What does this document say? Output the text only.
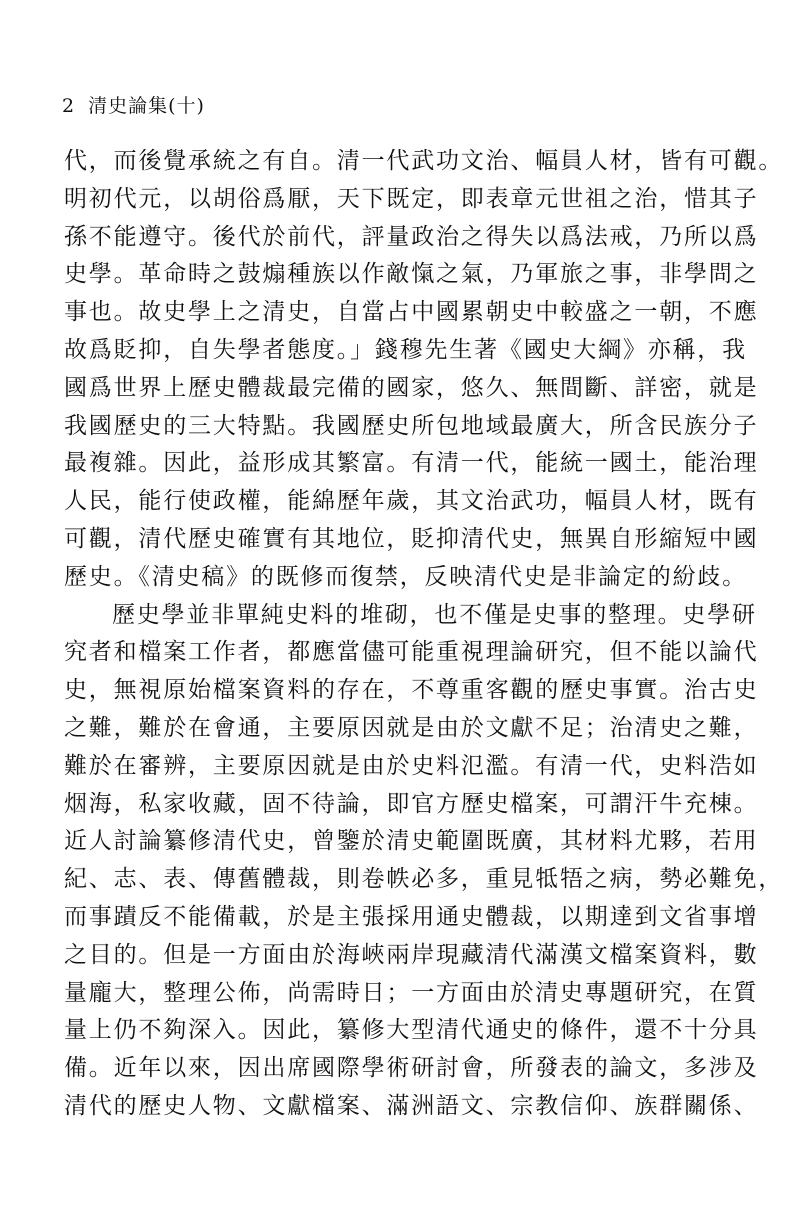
2 清史論集(⼗)
代，而後覺承統之有自。清一代武功文治、幅員人材，皆有可觀。
明初代元，以胡俗爲厭，天下既定，即表章元世祖之治，惜其子
孫不能遵守。後代於前代，評量政治之得失以爲法戒，乃所以爲
史學。革命時之鼓煽種族以作敵愾之氣，乃軍旅之事，非學問之
事也。故史學上之清史，自當占中國累朝史中較盛之一朝，不應
故爲貶抑，自失學者態度。」錢穆先生著《國史大綱》亦稱，我
國爲世界上歷史體裁最完備的國家，悠久、無間斷、詳密，就是
我國歷史的三大特點。我國歷史所包地域最廣大，所含民族分子
最複雜。因此，益形成其繁富。有清一代，能統一國土，能治理
人民，能行使政權，能綿歷年歲，其文治武功，幅員人材，既有
可觀，清代歷史確實有其地位，貶抑清代史，無異自形縮短中國
歷史。《清史稿》的既修而復禁，反映清代史是非論定的紛歧。
歷史學並非單純史料的堆砌，也不僅是史事的整理。史學研
究者和檔案工作者，都應當儘可能重視理論研究，但不能以論代
史，無視原始檔案資料的存在，不尊重客觀的歷史事實。治古史
之難，難於在會通，主要原因就是由於文獻不足；治清史之難，
難於在審辨，主要原因就是由於史料氾濫。有清一代，史料浩如
烟海，私家收藏，固不待論，即官方歷史檔案，可謂汗牛充棟。
近人討論纂修清代史，曾鑒於清史範圍既廣，其材料尤夥，若用
紀、志、表、傳舊體裁，則卷帙必多，重見牴牾之病，勢必難免，
而事蹟反不能備載，於是主張採用通史體裁，以期達到文省事增
之目的。但是一方面由於海峽兩岸現藏清代滿漢文檔案資料，數
量龐大，整理公佈，尚需時日；一方面由於清史專題研究，在質
量上仍不夠深入。因此，纂修大型清代通史的條件，還不十分具
備。近年以來，因出席國際學術研討會，所發表的論文，多涉及
清代的歷史人物、文獻檔案、滿洲語文、宗教信仰、族群關係、
